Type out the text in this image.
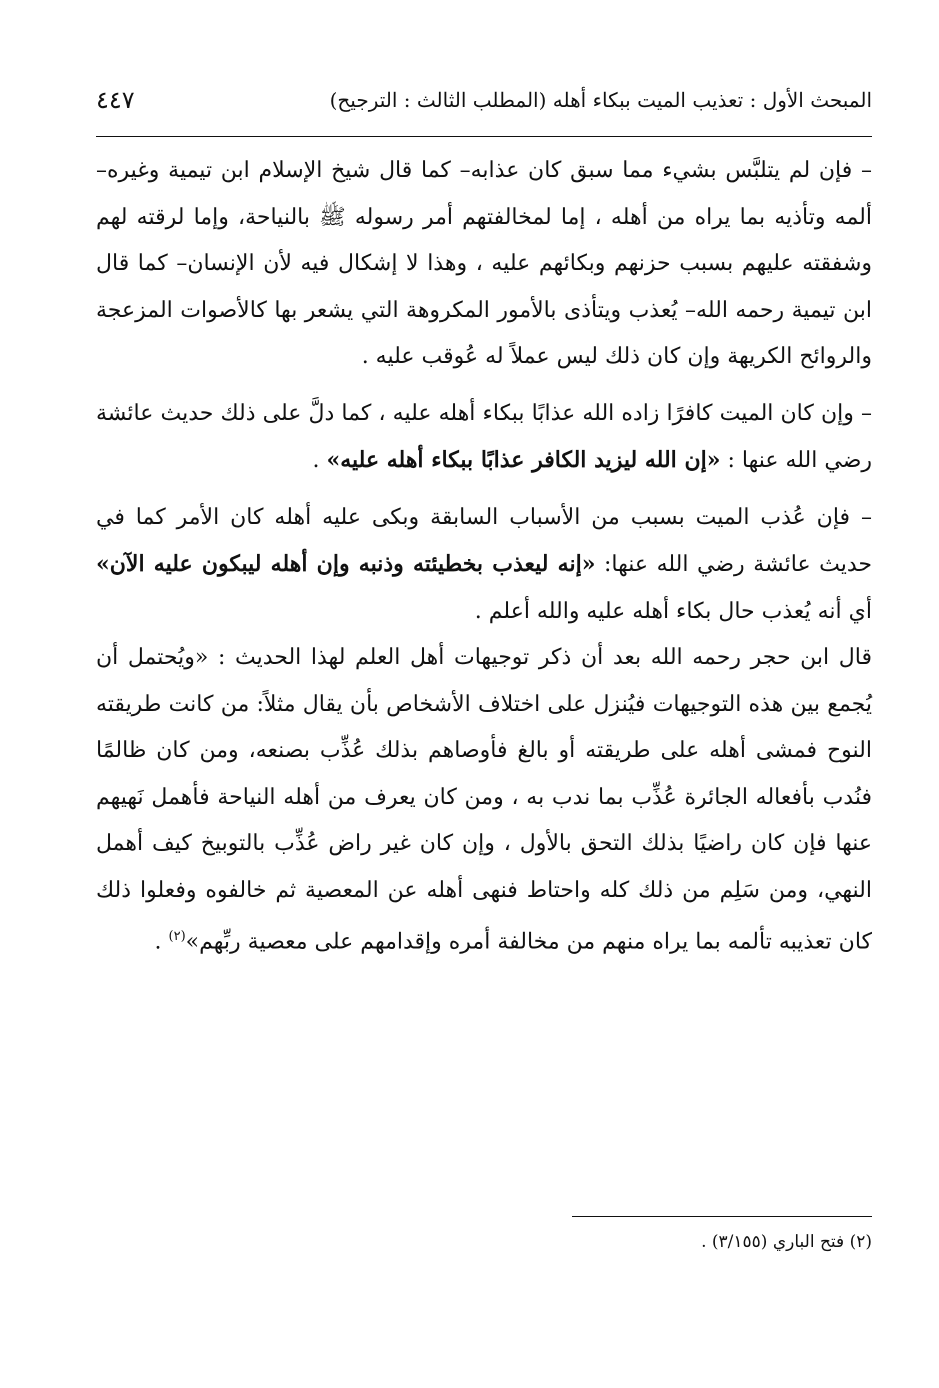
المبحث الأول : تعذيب الميت ببكاء أهله (المطلب الثالث : الترجيح)
٤٤٧

– فإن لم يتلبَّس بشيء مما سبق كان عذابه– كما قال شيخ الإسلام ابن تيمية وغيره– ألمه وتأذيه بما يراه من أهله ، إما لمخالفتهم أمر رسوله ﷺ بالنياحة، وإما لرقته لهم وشفقته عليهم بسبب حزنهم وبكائهم عليه ، وهذا لا إشكال فيه لأن الإنسان– كما قال ابن تيمية رحمه الله– يُعذب ويتأذى بالأمور المكروهة التي يشعر بها كالأصوات المزعجة والروائح الكريهة وإن كان ذلك ليس عملاً له عُوقب عليه .

– وإن كان الميت كافرًا زاده الله عذابًا ببكاء أهله عليه ، كما دلَّ على ذلك حديث عائشة رضي الله عنها : «إن الله ليزيد الكافر عذابًا ببكاء أهله عليه» .

– فإن عُذب الميت بسبب من الأسباب السابقة وبكى عليه أهله كان الأمر كما في حديث عائشة رضي الله عنها: «إنه ليعذب بخطيئته وذنبه وإن أهله ليبكون عليه الآن» أي أنه يُعذب حال بكاء أهله عليه والله أعلم .

قال ابن حجر رحمه الله بعد أن ذكر توجيهات أهل العلم لهذا الحديث : «ويُحتمل أن يُجمع بين هذه التوجيهات فيُنزل على اختلاف الأشخاص بأن يقال مثلاً: من كانت طريقته النوح فمشى أهله على طريقته أو بالغ فأوصاهم بذلك عُذِّب بصنعه، ومن كان ظالمًا فنُدب بأفعاله الجائرة عُذِّب بما ندب به ، ومن كان يعرف من أهله النياحة فأهمل نَهيهم عنها فإن كان راضيًا بذلك التحق بالأول ، وإن كان غير راض عُذِّب بالتوبيخ كيف أهمل النهي، ومن سَلِم من ذلك كله واحتاط فنهى أهله عن المعصية ثم خالفوه وفعلوا ذلك كان تعذيبه تألمه بما يراه منهم من مخالفة أمره وإقدامهم على معصية ربِّهم»$^{(٢)}$ .

(٢) فتح الباري (٣/١٥٥) .
